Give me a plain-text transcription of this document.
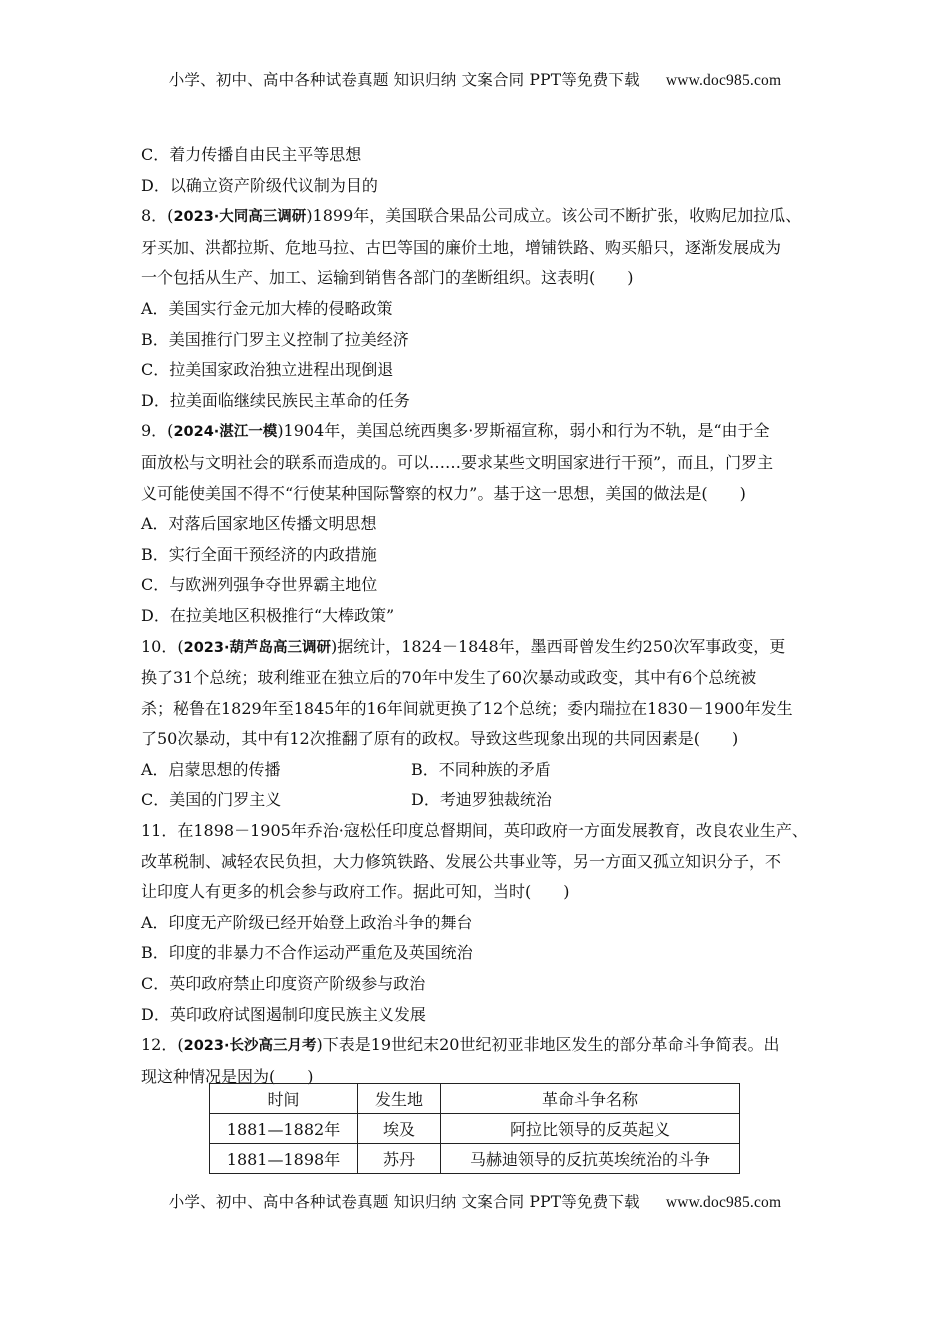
小学、初中、高中各种试卷真题 知识归纳 文案合同 PPT等免费下载 www.doc985.com
C．着力传播自由民主平等思想
D．以确立资产阶级代议制为目的
8．(2023·大同高三调研)1899年，美国联合果品公司成立。该公司不断扩张，收购尼加拉瓜、
牙买加、洪都拉斯、危地马拉、古巴等国的廉价土地，增铺铁路、购买船只，逐渐发展成为
一个包括从生产、加工、运输到销售各部门的垄断组织。这表明(　　)
A．美国实行金元加大棒的侵略政策
B．美国推行门罗主义控制了拉美经济
C．拉美国家政治独立进程出现倒退
D．拉美面临继续民族民主革命的任务
9．(2024·湛江一模)1904年，美国总统西奥多·罗斯福宣称，弱小和行为不轨，是“由于全
面放松与文明社会的联系而造成的。可以……要求某些文明国家进行干预”，而且，门罗主
义可能使美国不得不“行使某种国际警察的权力”。基于这一思想，美国的做法是(　　)
A．对落后国家地区传播文明思想
B．实行全面干预经济的内政措施
C．与欧洲列强争夺世界霸主地位
D．在拉美地区积极推行“大棒政策”
10．(2023·葫芦岛高三调研)据统计，1824－1848年，墨西哥曾发生约250次军事政变，更
换了31个总统；玻利维亚在独立后的70年中发生了60次暴动或政变，其中有6个总统被
杀；秘鲁在1829年至1845年的16年间就更换了12个总统；委内瑞拉在1830－1900年发生
了50次暴动，其中有12次推翻了原有的政权。导致这些现象出现的共同因素是(　　)
A．启蒙思想的传播	B．不同种族的矛盾
C．美国的门罗主义	D．考迪罗独裁统治
11．在1898－1905年乔治·寇松任印度总督期间，英印政府一方面发展教育，改良农业生产、
改革税制、减轻农民负担，大力修筑铁路、发展公共事业等，另一方面又孤立知识分子，不
让印度人有更多的机会参与政府工作。据此可知，当时(　　)
A．印度无产阶级已经开始登上政治斗争的舞台
B．印度的非暴力不合作运动严重危及英国统治
C．英印政府禁止印度资产阶级参与政治
D．英印政府试图遏制印度民族主义发展
12．(2023·长沙高三月考)下表是19世纪末20世纪初亚非地区发生的部分革命斗争简表。出
现这种情况是因为(　　)
时间	发生地	革命斗争名称
1881—1882年	埃及	阿拉比领导的反英起义
1881—1898年	苏丹	马赫迪领导的反抗英埃统治的斗争
小学、初中、高中各种试卷真题 知识归纳 文案合同 PPT等免费下载 www.doc985.com
